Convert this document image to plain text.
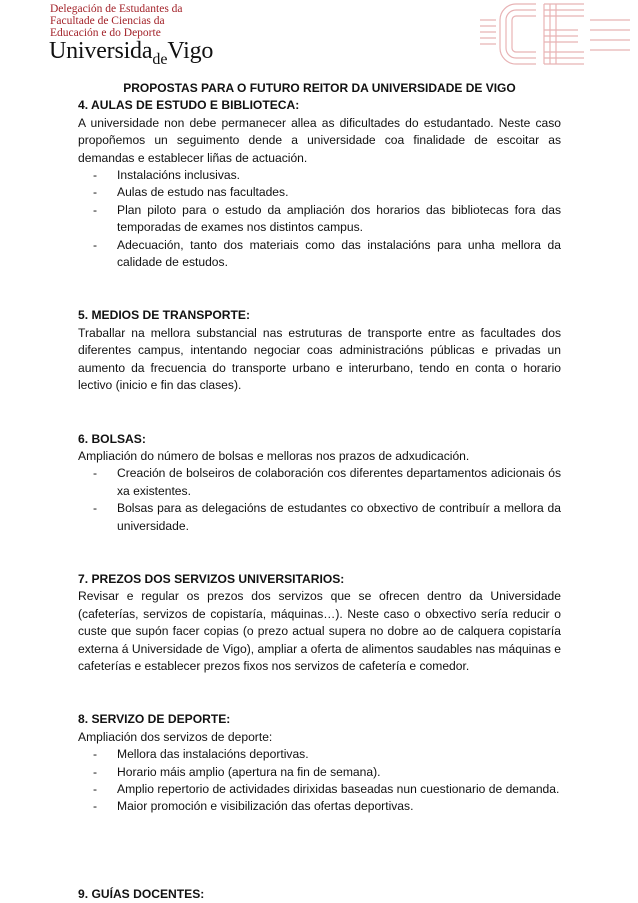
Delegación de Estudantes da
Facultade de Ciencias da
Educación e do Deporte
Universida$_{de}$Vigo

PROPOSTAS PARA O FUTURO REITOR DA UNIVERSIDADE DE VIGO

4. AULAS DE ESTUDO E BIBLIOTECA:

A universidade non debe permanecer allea as dificultades do estudantado. Neste caso propoñemos un seguimento dende a universidade coa finalidade de escoitar as demandas e establecer liñas de actuación.

- Instalacións inclusivas.
- Aulas de estudo nas facultades.
- Plan piloto para o estudo da ampliación dos horarios das bibliotecas fora das temporadas de exames nos distintos campus.
- Adecuación, tanto dos materiais como das instalacións para unha mellora da calidade de estudos.

5. MEDIOS DE TRANSPORTE:

Traballar na mellora substancial nas estruturas de transporte entre as facultades dos diferentes campus, intentando negociar coas administracións públicas e privadas un aumento da frecuencia do transporte urbano e interurbano, tendo en conta o horario lectivo (inicio e fin das clases).

6. BOLSAS:

Ampliación do número de bolsas e melloras nos prazos de adxudicación.

- Creación de bolseiros de colaboración cos diferentes departamentos adicionais ós xa existentes.
- Bolsas para as delegacións de estudantes co obxectivo de contribuír a mellora da universidade.

7. PREZOS DOS SERVIZOS UNIVERSITARIOS:

Revisar e regular os prezos dos servizos que se ofrecen dentro da Universidade (cafeterías, servizos de copistaría, máquinas…). Neste caso o obxectivo sería reducir o custe que supón facer copias (o prezo actual supera no dobre ao de calquera copistaría externa á Universidade de Vigo), ampliar a oferta de alimentos saudables nas máquinas e cafeterías e establecer prezos fixos nos servizos de cafetería e comedor.

8. SERVIZO DE DEPORTE:

Ampliación dos servizos de deporte:

- Mellora das instalacións deportivas.
- Horario máis amplio (apertura na fin de semana).
- Amplio repertorio de actividades dirixidas baseadas nun cuestionario de demanda.
- Maior promoción e visibilización das ofertas deportivas.

9. GUÍAS DOCENTES:
